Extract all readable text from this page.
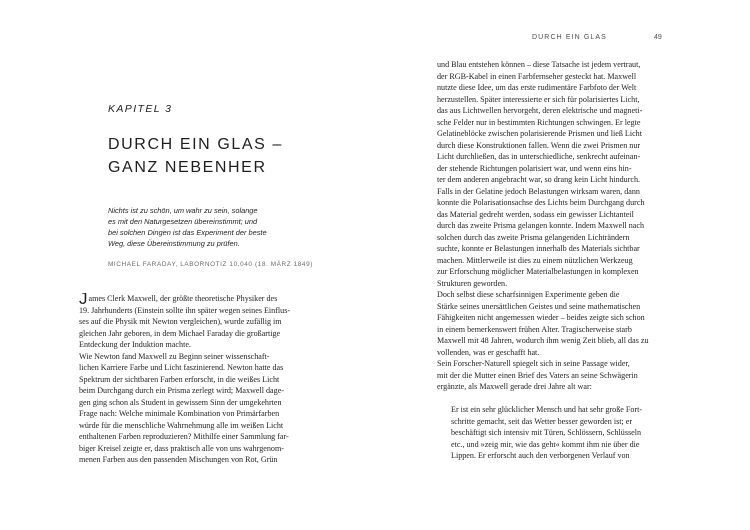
KAPITEL 3
DURCH EIN GLAS –
GANZ NEBENHER
Nichts ist zu schön, um wahr zu sein, solange
es mit den Naturgesetzen übereinstimmt; und
bei solchen Dingen ist das Experiment der beste
Weg, diese Übereinstimmung zu prüfen.
MICHAEL FARADAY, LABORNOTIZ 10,040 (18. MÄRZ 1849)
James Clerk Maxwell, der größte theoretische Physiker des
19. Jahrhunderts (Einstein sollte ihn später wegen seines Einflus-
ses auf die Physik mit Newton vergleichen), wurde zufällig im
gleichen Jahr geboren, in dem Michael Faraday die großartige
Entdeckung der Induktion machte.
Wie Newton fand Maxwell zu Beginn seiner wissenschaft-
lichen Karriere Farbe und Licht faszinierend. Newton hatte das
Spektrum der sichtbaren Farben erforscht, in die weißes Licht
beim Durchgang durch ein Prisma zerlegt wird; Maxwell dage-
gen ging schon als Student in gewissem Sinn der umgekehrten
Frage nach: Welche minimale Kombination von Primärfarben
würde für die menschliche Wahrnehmung alle im weißen Licht
enthaltenen Farben reproduzieren? Mithilfe einer Sammlung far-
biger Kreisel zeigte er, dass praktisch alle von uns wahrgenom-
menen Farben aus den passenden Mischungen von Rot, Grün
DURCH EIN GLAS	49
und Blau entstehen können – diese Tatsache ist jedem vertraut,
der RGB-Kabel in einen Farbfernseher gesteckt hat. Maxwell
nutzte diese Idee, um das erste rudimentäre Farbfoto der Welt
herzustellen. Später interessierte er sich für polarisiertes Licht,
das aus Lichtwellen hervorgeht, deren elektrische und magneti-
sche Felder nur in bestimmten Richtungen schwingen. Er legte
Gelatineblöcke zwischen polarisierende Prismen und ließ Licht
durch diese Konstruktionen fallen. Wenn die zwei Prismen nur
Licht durchließen, das in unterschiedliche, senkrecht aufeinan-
der stehende Richtungen polarisiert war, und wenn eins hin-
ter dem anderen angebracht war, so drang kein Licht hindurch.
Falls in der Gelatine jedoch Belastungen wirksam waren, dann
konnte die Polarisationsachse des Lichts beim Durchgang durch
das Material gedreht werden, sodass ein gewisser Lichtanteil
durch das zweite Prisma gelangen konnte. Indem Maxwell nach
solchen durch das zweite Prisma gelangenden Lichträndern
suchte, konnte er Belastungen innerhalb des Materials sichtbar
machen. Mittlerweile ist dies zu einem nützlichen Werkzeug
zur Erforschung möglicher Materialbelastungen in komplexen
Strukturen geworden.
Doch selbst diese scharfsinnigen Experimente geben die
Stärke seines unersättlichen Geistes und seine mathematischen
Fähigkeiten nicht angemessen wieder – beides zeigte sich schon
in einem bemerkenswert frühen Alter. Tragischerweise starb
Maxwell mit 48 Jahren, wodurch ihm wenig Zeit blieb, all das zu
vollenden, was er geschafft hat.
Sein Forscher-Naturell spiegelt sich in seine Passage wider,
mit der die Mutter einen Brief des Vaters an seine Schwägerin
ergänzte, als Maxwell gerade drei Jahre alt war:
Er ist ein sehr glücklicher Mensch und hat sehr große Fort-
schritte gemacht, seit das Wetter besser geworden ist; er
beschäftigt sich intensiv mit Türen, Schlössern, Schlüsseln
etc., und »zeig mir, wie das geht« kommt ihm nie über die
Lippen. Er erforscht auch den verborgenen Verlauf von
